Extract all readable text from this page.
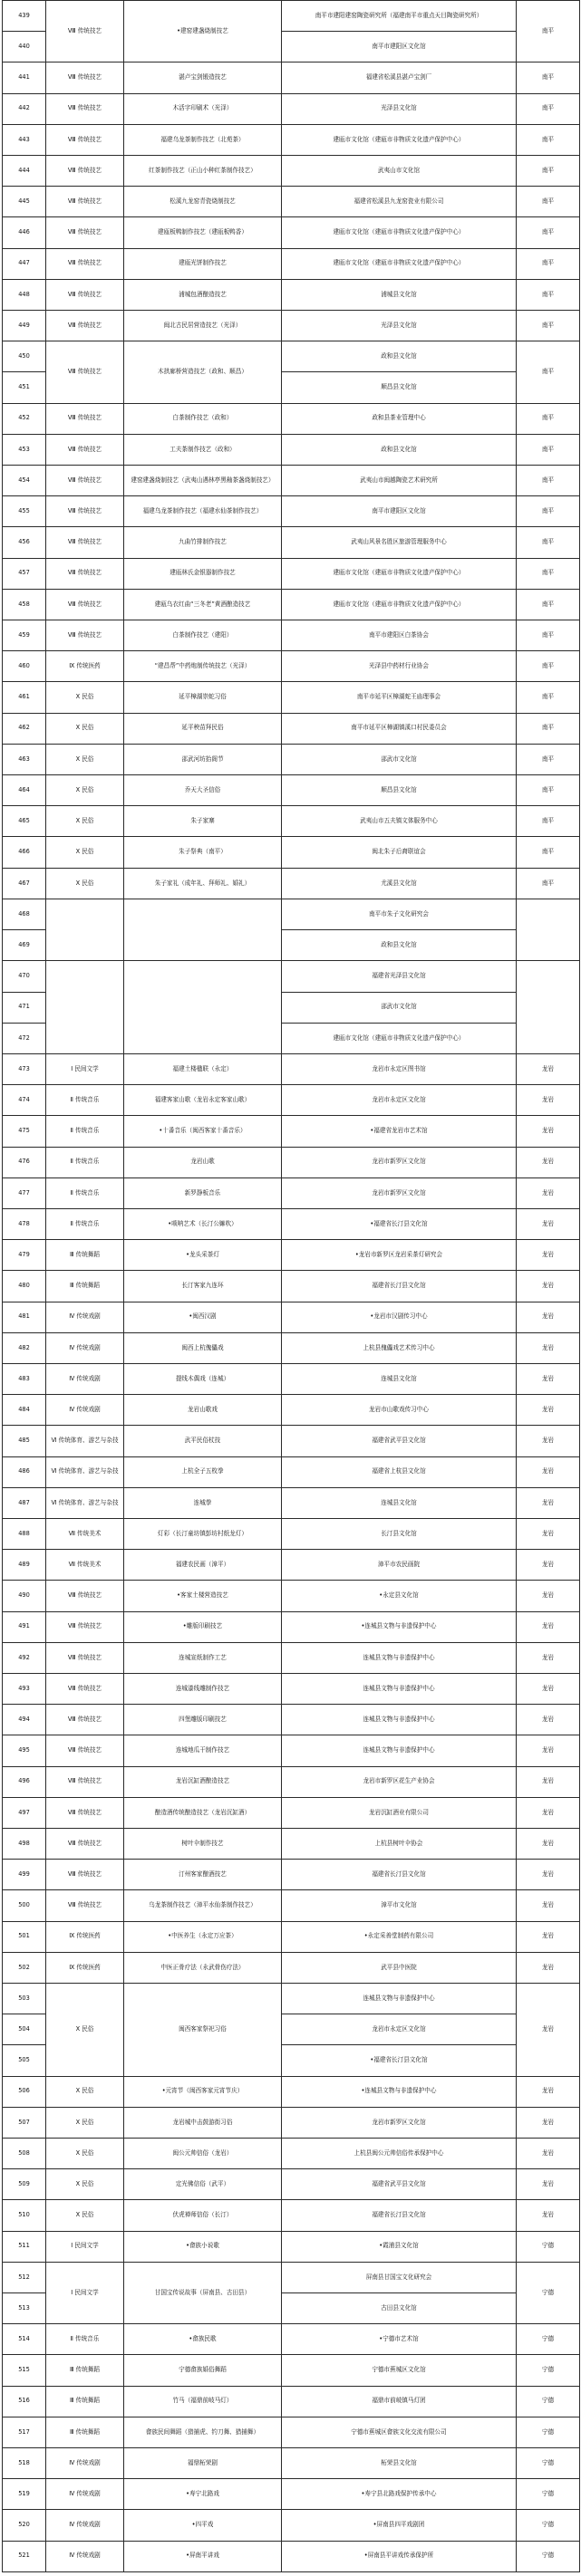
439	Ⅷ 传统技艺	•建窑建盏烧制技艺	南平市建阳建窑陶瓷研究所（福建南平市重点天目陶瓷研究所）	南平
440			南平市建阳区文化馆	
441	Ⅷ 传统技艺	湛卢宝剑锻造技艺	福建省松溪县湛卢宝剑厂	南平
442	Ⅷ 传统技艺	木活字印刷术（光泽）	光泽县文化馆	南平
443	Ⅷ 传统技艺	福建乌龙茶制作技艺（北苑茶）	建瓯市文化馆（建瓯市非物质文化遗产保护中心）	南平
444	Ⅷ 传统技艺	红茶制作技艺（正山小种红茶制作技艺）	武夷山市文化馆	南平
445	Ⅷ 传统技艺	松溪九龙窑青瓷烧制技艺	福建省松溪县九龙窑瓷业有限公司	南平
446	Ⅷ 传统技艺	建瓯板鸭制作技艺（建瓯板鸭香）	建瓯市文化馆（建瓯市非物质文化遗产保护中心）	南平
447	Ⅷ 传统技艺	建瓯光饼制作技艺	建瓯市文化馆（建瓯市非物质文化遗产保护中心）	南平
448	Ⅷ 传统技艺	浦城包酒酿造技艺	浦城县文化馆	南平
449	Ⅷ 传统技艺	闽北古民居营造技艺（光泽）	光泽县文化馆	南平
450	Ⅷ 传统技艺	木拱廊桥营造技艺（政和、顺昌）	政和县文化馆	南平
451			顺昌县文化馆	
452	Ⅷ 传统技艺	白茶制作技艺（政和）	政和县茶业管理中心	南平
453	Ⅷ 传统技艺	工夫茶制作技艺（政和）	政和县文化馆	南平
454	Ⅷ 传统技艺	建窑建盏烧制技艺（武夷山遇林亭黑釉茶盏烧制技艺）	武夷山市闽越陶瓷艺术研究所	南平
455	Ⅷ 传统技艺	福建乌龙茶制作技艺（福建水仙茶制作技艺）	南平市建阳区文化馆	南平
456	Ⅷ 传统技艺	九曲竹排制作技艺	武夷山风景名胜区旅游管理服务中心	南平
457	Ⅷ 传统技艺	建瓯林氏金银器制作技艺	建瓯市文化馆（建瓯市非物质文化遗产保护中心）	南平
458	Ⅷ 传统技艺	建瓯乌衣红曲“三冬老”黄酒酿造技艺	建瓯市文化馆（建瓯市非物质文化遗产保护中心）	南平
459	Ⅷ 传统技艺	白茶制作技艺（建阳）	南平市建阳区白茶协会	南平
460	Ⅸ 传统医药	“建昌帮”中药炮制传统技艺（光泽）	光泽县中药材行业协会	南平
461	Ⅹ 民俗	延平樟湖崇蛇习俗	南平市延平区樟湖蛇王庙理事会	南平
462	Ⅹ 民俗	延平秧苗拜民俗	南平市延平区樟湖镇溪口村民委员会	南平
463	Ⅹ 民俗	邵武河坊抬阁节	邵武市文化馆	南平
464	Ⅹ 民俗	乔天大圣信俗	顺昌县文化馆	南平
465	Ⅹ 民俗	朱子家寨	武夷山市五夫镇文体服务中心	南平
466	Ⅹ 民俗	朱子祭典（南平）	闽北朱子后裔联谊会	南平
467	Ⅹ 民俗	朱子家礼（成年礼、拜师礼、婚礼）	尤溪县文化馆	南平
468			南平市朱子文化研究会	
469			政和县文化馆	
470			福建省光泽县文化馆	
471			邵武市文化馆	
472			建瓯市文化馆（建瓯市非物质文化遗产保护中心）	
473	Ⅰ 民间文学	福建土楼楹联（永定）	龙岩市永定区图书馆	龙岩
474	Ⅱ 传统音乐	福建客家山歌（龙岩永定客家山歌）	龙岩市永定区文化馆	龙岩
475	Ⅱ 传统音乐	•十番音乐（闽西客家十番音乐）	•福建省龙岩市艺术馆	龙岩
476	Ⅱ 传统音乐	龙岩山歌	龙岩市新罗区文化馆	龙岩
477	Ⅱ 传统音乐	新罗静板音乐	龙岩市新罗区文化馆	龙岩
478	Ⅱ 传统音乐	•唢呐艺术（长汀公嫲吹）	•福建省长汀县文化馆	龙岩
479	Ⅲ 传统舞蹈	•龙头采茶灯	•龙岩市新罗区龙岩采茶灯研究会	龙岩
480	Ⅲ 传统舞蹈	长汀客家九连环	福建省长汀县文化馆	龙岩
481	Ⅳ 传统戏剧	•闽西汉剧	•龙岩市汉剧传习中心	龙岩
482	Ⅳ 传统戏剧	闽西上杭傀儡戏	上杭县傀儡戏艺术传习中心	龙岩
483	Ⅳ 传统戏剧	提线木偶戏（连城）	连城县文化馆	龙岩
484	Ⅳ 传统戏剧	龙岩山歌戏	龙岩市山歌戏传习中心	龙岩
485	Ⅵ 传统体育、游艺与杂技	武平民俗杖技	福建省武平县文化馆	龙岩
486	Ⅵ 传统体育、游艺与杂技	上杭全子五枚拳	福建省上杭县文化馆	龙岩
487	Ⅵ 传统体育、游艺与杂技	连城拳	连城县文化馆	龙岩
488	Ⅶ 传统美术	灯彩（长汀童坊镇彭坊村纸龙灯）	长汀县文化馆	龙岩
489	Ⅶ 传统美术	福建农民画（漳平）	漳平市农民画院	龙岩
490	Ⅷ 传统技艺	•客家土楼营造技艺	•永定县文化馆	龙岩
491	Ⅷ 传统技艺	•雕版印刷技艺	•连城县文物与非遗保护中心	龙岩
492	Ⅷ 传统技艺	连城宣纸制作工艺	连城县文物与非遗保护中心	龙岩
493	Ⅷ 传统技艺	连城漆线雕制作技艺	连城县文物与非遗保护中心	龙岩
494	Ⅷ 传统技艺	四堡雕版印刷技艺	连城县文物与非遗保护中心	龙岩
495	Ⅷ 传统技艺	连城地瓜干制作技艺	连城县文物与非遗保护中心	龙岩
496	Ⅷ 传统技艺	龙岩沉缸酒酿造技艺	龙岩市新罗区花生产业协会	龙岩
497	Ⅷ 传统技艺	酿造酒传统酿造技艺（龙岩沉缸酒）	龙岩沉缸酒业有限公司	龙岩
498	Ⅷ 传统技艺	树叶伞制作技艺	上杭县树叶伞协会	龙岩
499	Ⅷ 传统技艺	汀州客家酿酒技艺	福建省长汀县文化馆	龙岩
500	Ⅷ 传统技艺	乌龙茶制作技艺（漳平水仙茶制作技艺）	漳平市文化馆	龙岩
501	Ⅸ 传统医药	•中医养生（永定万应茶）	•永定采善堂制药有限公司	龙岩
502	Ⅸ 传统医药	中医正骨疗法（永武骨伤疗法）	武平县中医院	龙岩
503	Ⅹ 民俗	闽西客家祭祀习俗	连城县文物与非遗保护中心	龙岩
504			龙岩市永定区文化馆	
505			•福建省长汀县文化馆	
506	Ⅹ 民俗	•元宵节（闽西客家元宵节庆）	•连城县文物与非遗保护中心	龙岩
507	Ⅹ 民俗	龙岩城中击鼓游街习俗	龙岩市新罗区文化馆	龙岩
508	Ⅹ 民俗	闽公元帅信俗（龙岩）	上杭县闽公元帅信俗传承保护中心	龙岩
509	Ⅹ 民俗	定光佛信俗（武平）	福建省武平县文化馆	龙岩
510	Ⅹ 民俗	伏虎禅师信俗（长汀）	福建省长汀县文化馆	龙岩
511	Ⅰ 民间文学	•畲族小说歌	•霞浦县文化馆	宁德
512	Ⅰ 民间文学	甘国宝传说故事（屏南县、古田县）	屏南县甘国宝文化研究会	宁德
513			古田县文化馆	
514	Ⅱ 传统音乐	•畲族民歌	•宁德市艺术馆	宁德
515	Ⅲ 传统舞蹈	宁德畲族婚俗舞蹈	宁德市蕉城区文化馆	宁德
516	Ⅲ 传统舞蹈	竹马（福鼎前岐马灯）	福鼎市前岐镇马灯团	宁德
517	Ⅲ 传统舞蹈	畲族民间舞蹈（猎捕虎、钓刀舞、猎捕舞）	宁德市蕉城区畲族文化交流有限公司	宁德
518	Ⅳ 传统戏剧	福鼎柘荣剧	柘荣县文化馆	宁德
519	Ⅳ 传统戏剧	•寿宁北路戏	•寿宁县北路戏保护传承中心	宁德
520	Ⅳ 传统戏剧	•四平戏	•屏南县四平戏剧团	宁德
521	Ⅳ 传统戏剧	•屏南平讲戏	•屏南县平讲戏传承保护所	宁德
